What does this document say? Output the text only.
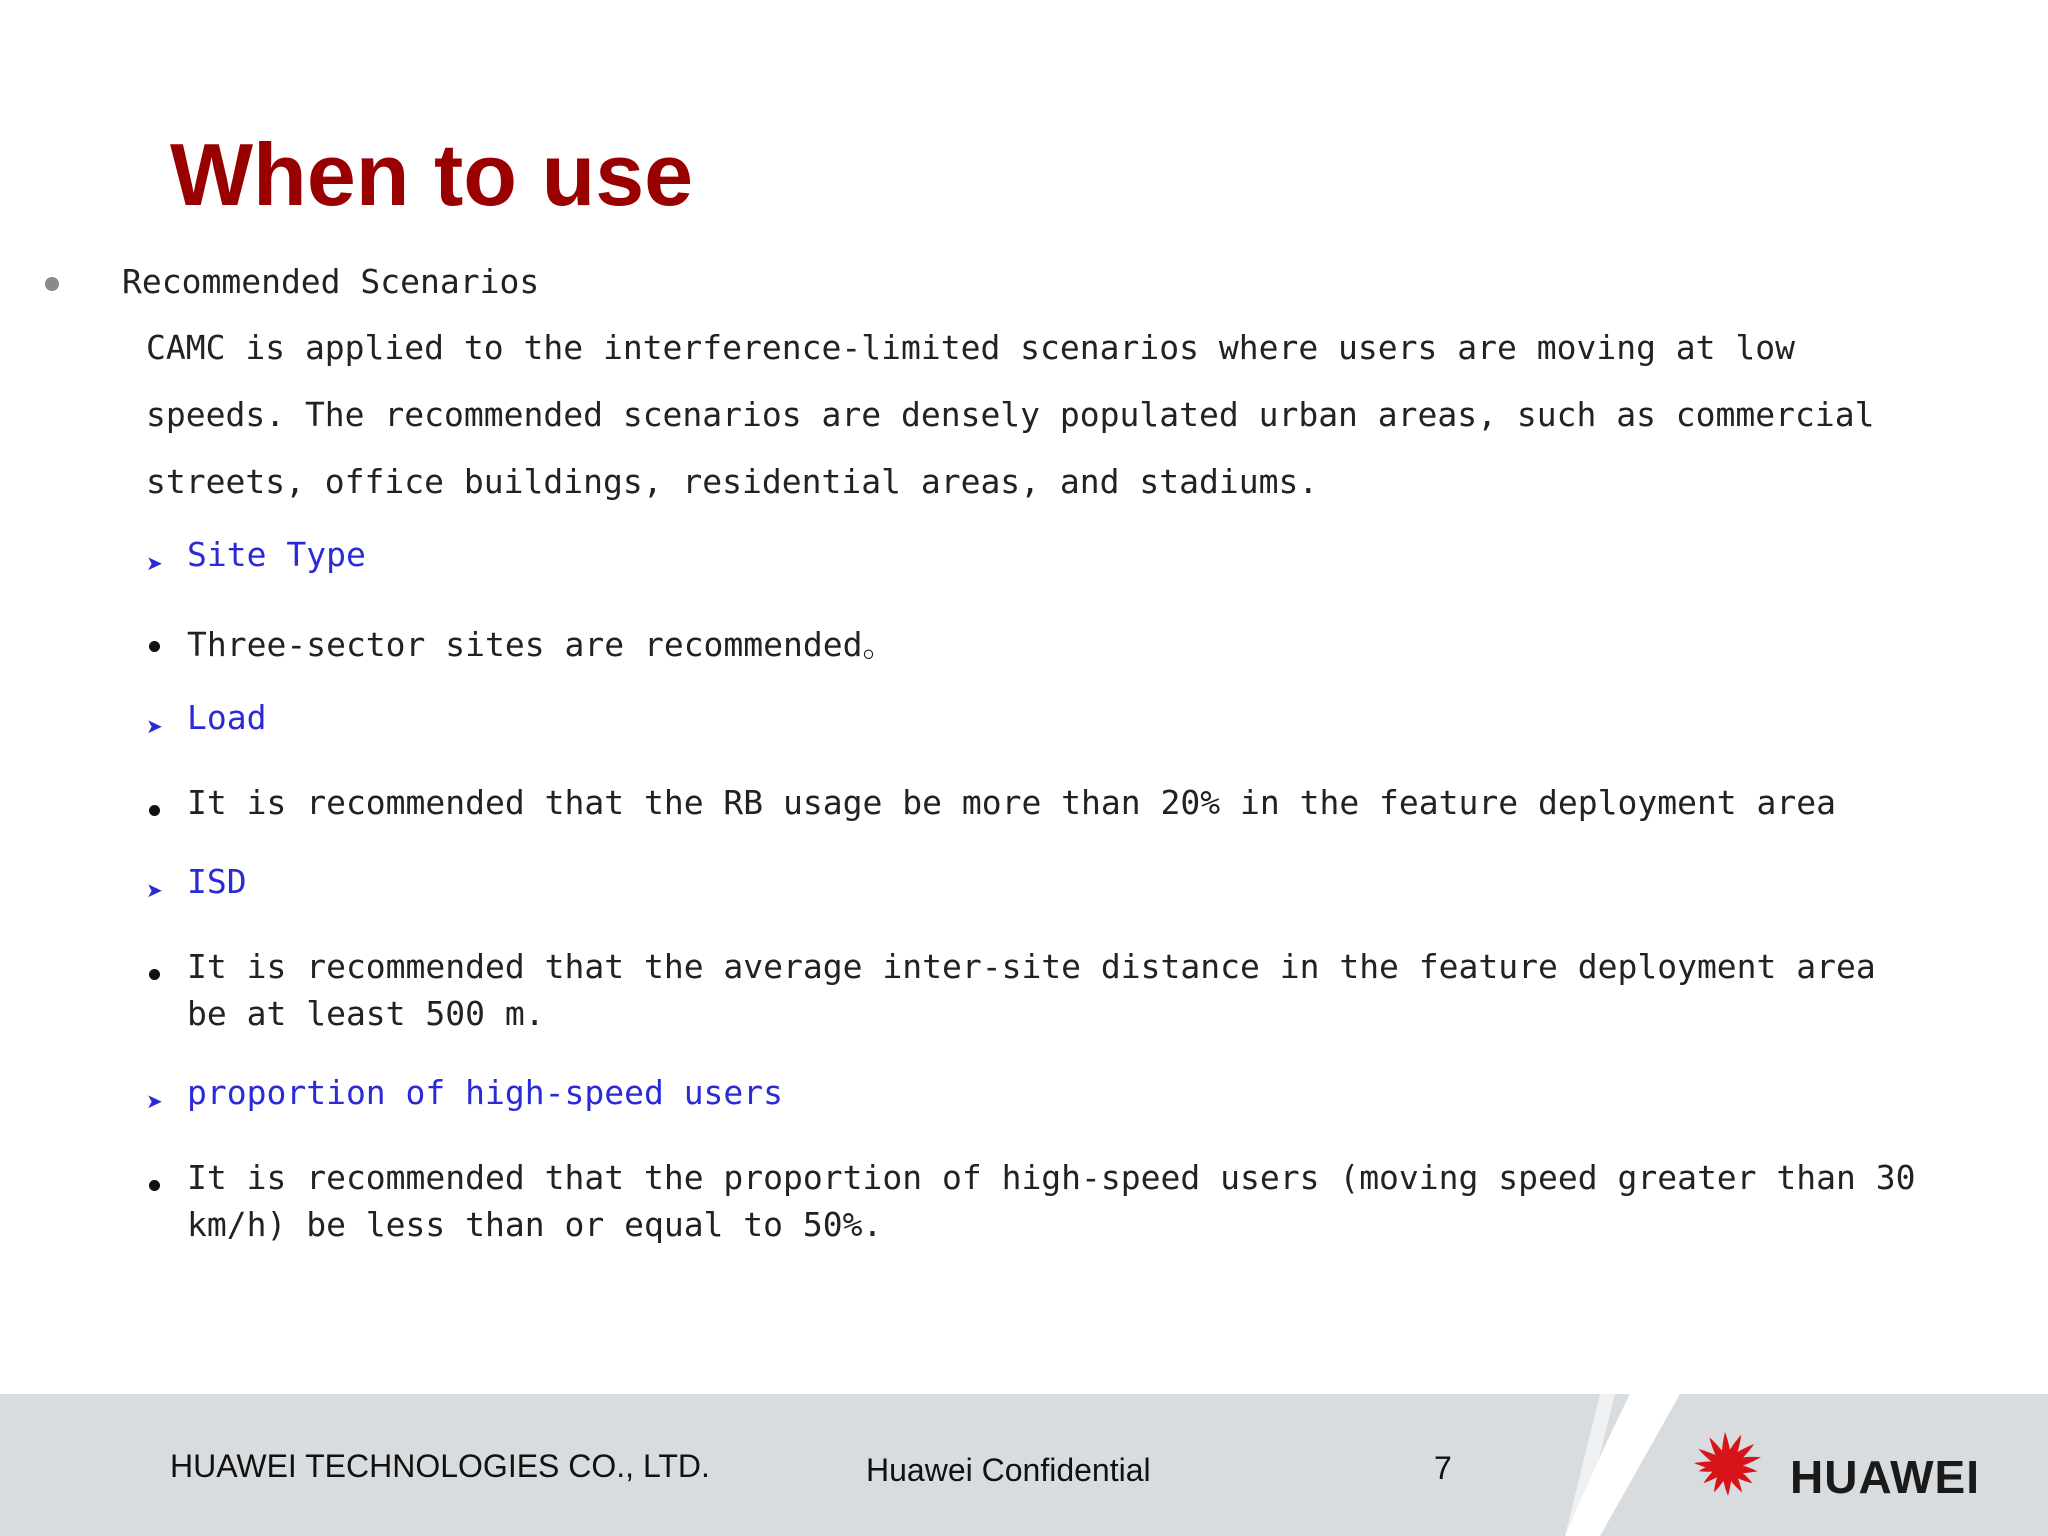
When to use
Recommended Scenarios
CAMC is applied to the interference-limited scenarios where users are moving at low
speeds. The recommended scenarios are densely populated urban areas, such as commercial
streets, office buildings, residential areas, and stadiums.
➤ Site Type
Three-sector sites are recommended。
➤ Load
It is recommended that the RB usage be more than 20% in the feature deployment area
➤ ISD
It is recommended that the average inter-site distance in the feature deployment area
be at least 500 m.
➤ proportion of high-speed users
It is recommended that the proportion of high-speed users (moving speed greater than 30
km/h) be less than or equal to 50%.
HUAWEI TECHNOLOGIES CO., LTD.	Huawei Confidential	7	HUAWEI
